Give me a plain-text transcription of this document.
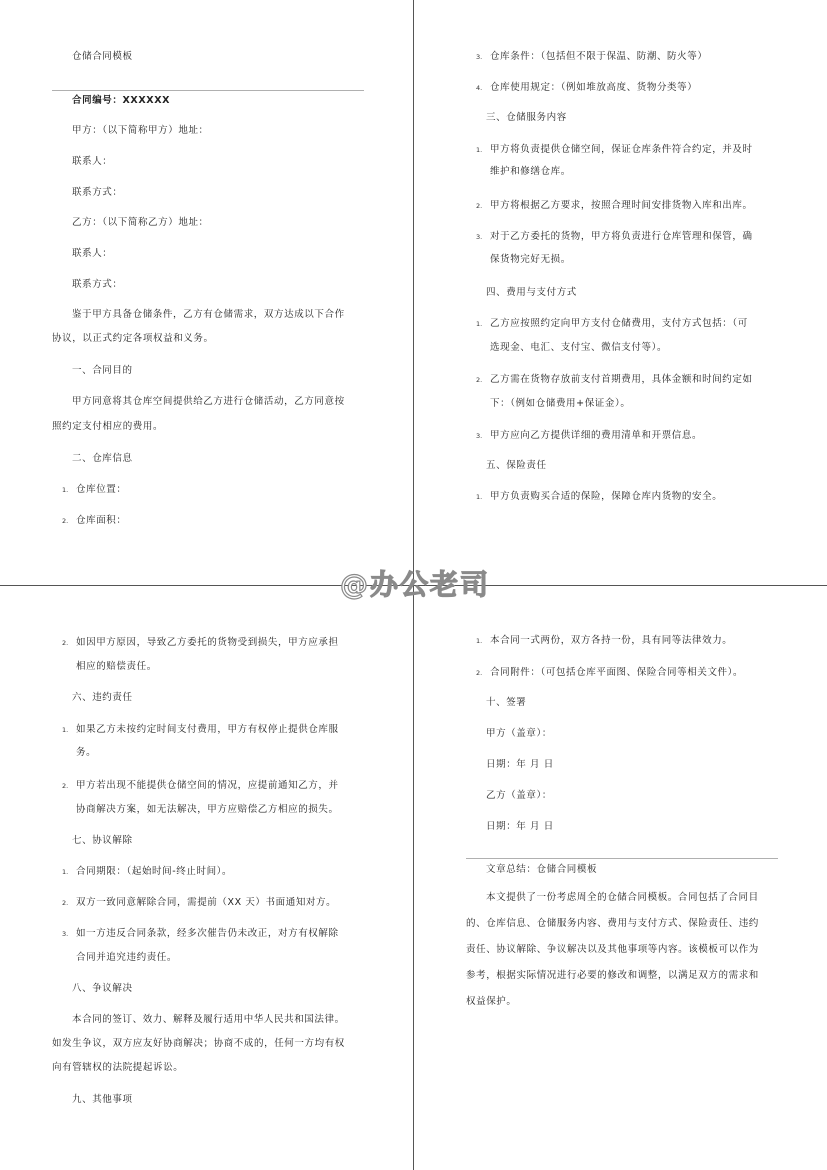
仓储合同模板
合同编号：XXXXXX
甲方：（以下简称甲方）地址：
联系人：
联系方式：
乙方：（以下简称乙方）地址：
联系人：
联系方式：
鉴于甲方具备仓储条件，乙方有仓储需求，双方达成以下合作
协议，以正式约定各项权益和义务。
一、合同目的
甲方同意将其仓库空间提供给乙方进行仓储活动，乙方同意按
照约定支付相应的费用。
二、仓库信息
1. 仓库位置：
2. 仓库面积：
3. 仓库条件：（包括但不限于保温、防潮、防火等）
4. 仓库使用规定：（例如堆放高度、货物分类等）
三、仓储服务内容
1. 甲方将负责提供仓储空间，保证仓库条件符合约定，并及时
维护和修缮仓库。
2. 甲方将根据乙方要求，按照合理时间安排货物入库和出库。
3. 对于乙方委托的货物，甲方将负责进行仓库管理和保管，确
保货物完好无损。
四、费用与支付方式
1. 乙方应按照约定向甲方支付仓储费用，支付方式包括：（可
选现金、电汇、支付宝、微信支付等）。
2. 乙方需在货物存放前支付首期费用，具体金额和时间约定如
下：（例如仓储费用+保证金）。
3. 甲方应向乙方提供详细的费用清单和开票信息。
五、保险责任
1. 甲方负责购买合适的保险，保障仓库内货物的安全。
2. 如因甲方原因，导致乙方委托的货物受到损失，甲方应承担
相应的赔偿责任。
六、违约责任
1. 如果乙方未按约定时间支付费用，甲方有权停止提供仓库服
务。
2. 甲方若出现不能提供仓储空间的情况，应提前通知乙方，并
协商解决方案，如无法解决，甲方应赔偿乙方相应的损失。
七、协议解除
1. 合同期限：（起始时间-终止时间）。
2. 双方一致同意解除合同，需提前（XX 天）书面通知对方。
3. 如一方违反合同条款，经多次催告仍未改正，对方有权解除
合同并追究违约责任。
八、争议解决
本合同的签订、效力、解释及履行适用中华人民共和国法律。
如发生争议，双方应友好协商解决；协商不成的，任何一方均有权
向有管辖权的法院提起诉讼。
九、其他事项
1. 本合同一式两份，双方各持一份，具有同等法律效力。
2. 合同附件：（可包括仓库平面图、保险合同等相关文件）。
十、签署
甲方（盖章）：
日期：年 月 日
乙方（盖章）：
日期：年 月 日
文章总结：仓储合同模板
本文提供了一份考虑周全的仓储合同模板。合同包括了合同目
的、仓库信息、仓储服务内容、费用与支付方式、保险责任、违约
责任、协议解除、争议解决以及其他事项等内容。该模板可以作为
参考，根据实际情况进行必要的修改和调整，以满足双方的需求和
权益保护。
@办公老司
